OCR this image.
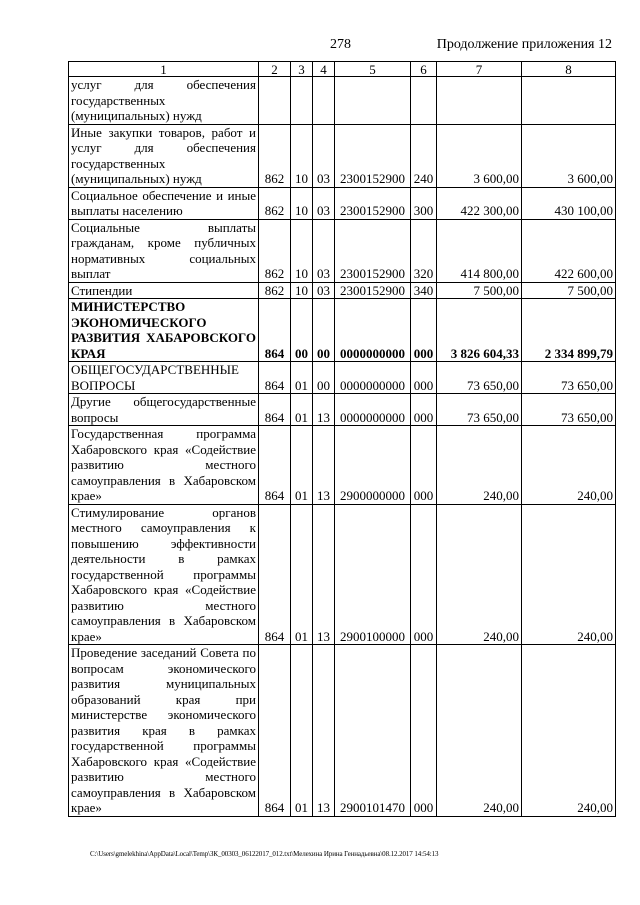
278	Продолжение приложения 12
1	2	3	4	5	6	7	8
услуг для обеспечения государственных (муниципальных) нужд							
Иные закупки товаров, работ и услуг для обеспечения государственных (муниципальных) нужд	862	10	03	2300152900	240	3 600,00	3 600,00
Социальное обеспечение и иные выплаты населению	862	10	03	2300152900	300	422 300,00	430 100,00
Социальные выплаты гражданам, кроме публичных нормативных социальных выплат	862	10	03	2300152900	320	414 800,00	422 600,00
Стипендии	862	10	03	2300152900	340	7 500,00	7 500,00
МИНИСТЕРСТВО ЭКОНОМИЧЕСКОГО РАЗВИТИЯ ХАБАРОВСКОГО КРАЯ	864	00	00	0000000000	000	3 826 604,33	2 334 899,79
ОБЩЕГОСУДАРСТВЕННЫЕ ВОПРОСЫ	864	01	00	0000000000	000	73 650,00	73 650,00
Другие общегосударственные вопросы	864	01	13	0000000000	000	73 650,00	73 650,00
Государственная программа Хабаровского края «Содействие развитию местного самоуправления в Хабаровском крае»	864	01	13	2900000000	000	240,00	240,00
Стимулирование органов местного самоуправления к повышению эффективности деятельности в рамках государственной программы Хабаровского края «Содействие развитию местного самоуправления в Хабаровском крае»	864	01	13	2900100000	000	240,00	240,00
Проведение заседаний Совета по вопросам экономического развития муниципальных образований края при министерстве экономического развития края в рамках государственной программы Хабаровского края «Содействие развитию местного самоуправления в Хабаровском крае»	864	01	13	2900101470	000	240,00	240,00
C:\Users\gmelekhina\AppData\Local\Temp\ЗК_00303_06122017_012.txt\Мелехина Ирина Геннадьевна\08.12.2017 14:54:13
